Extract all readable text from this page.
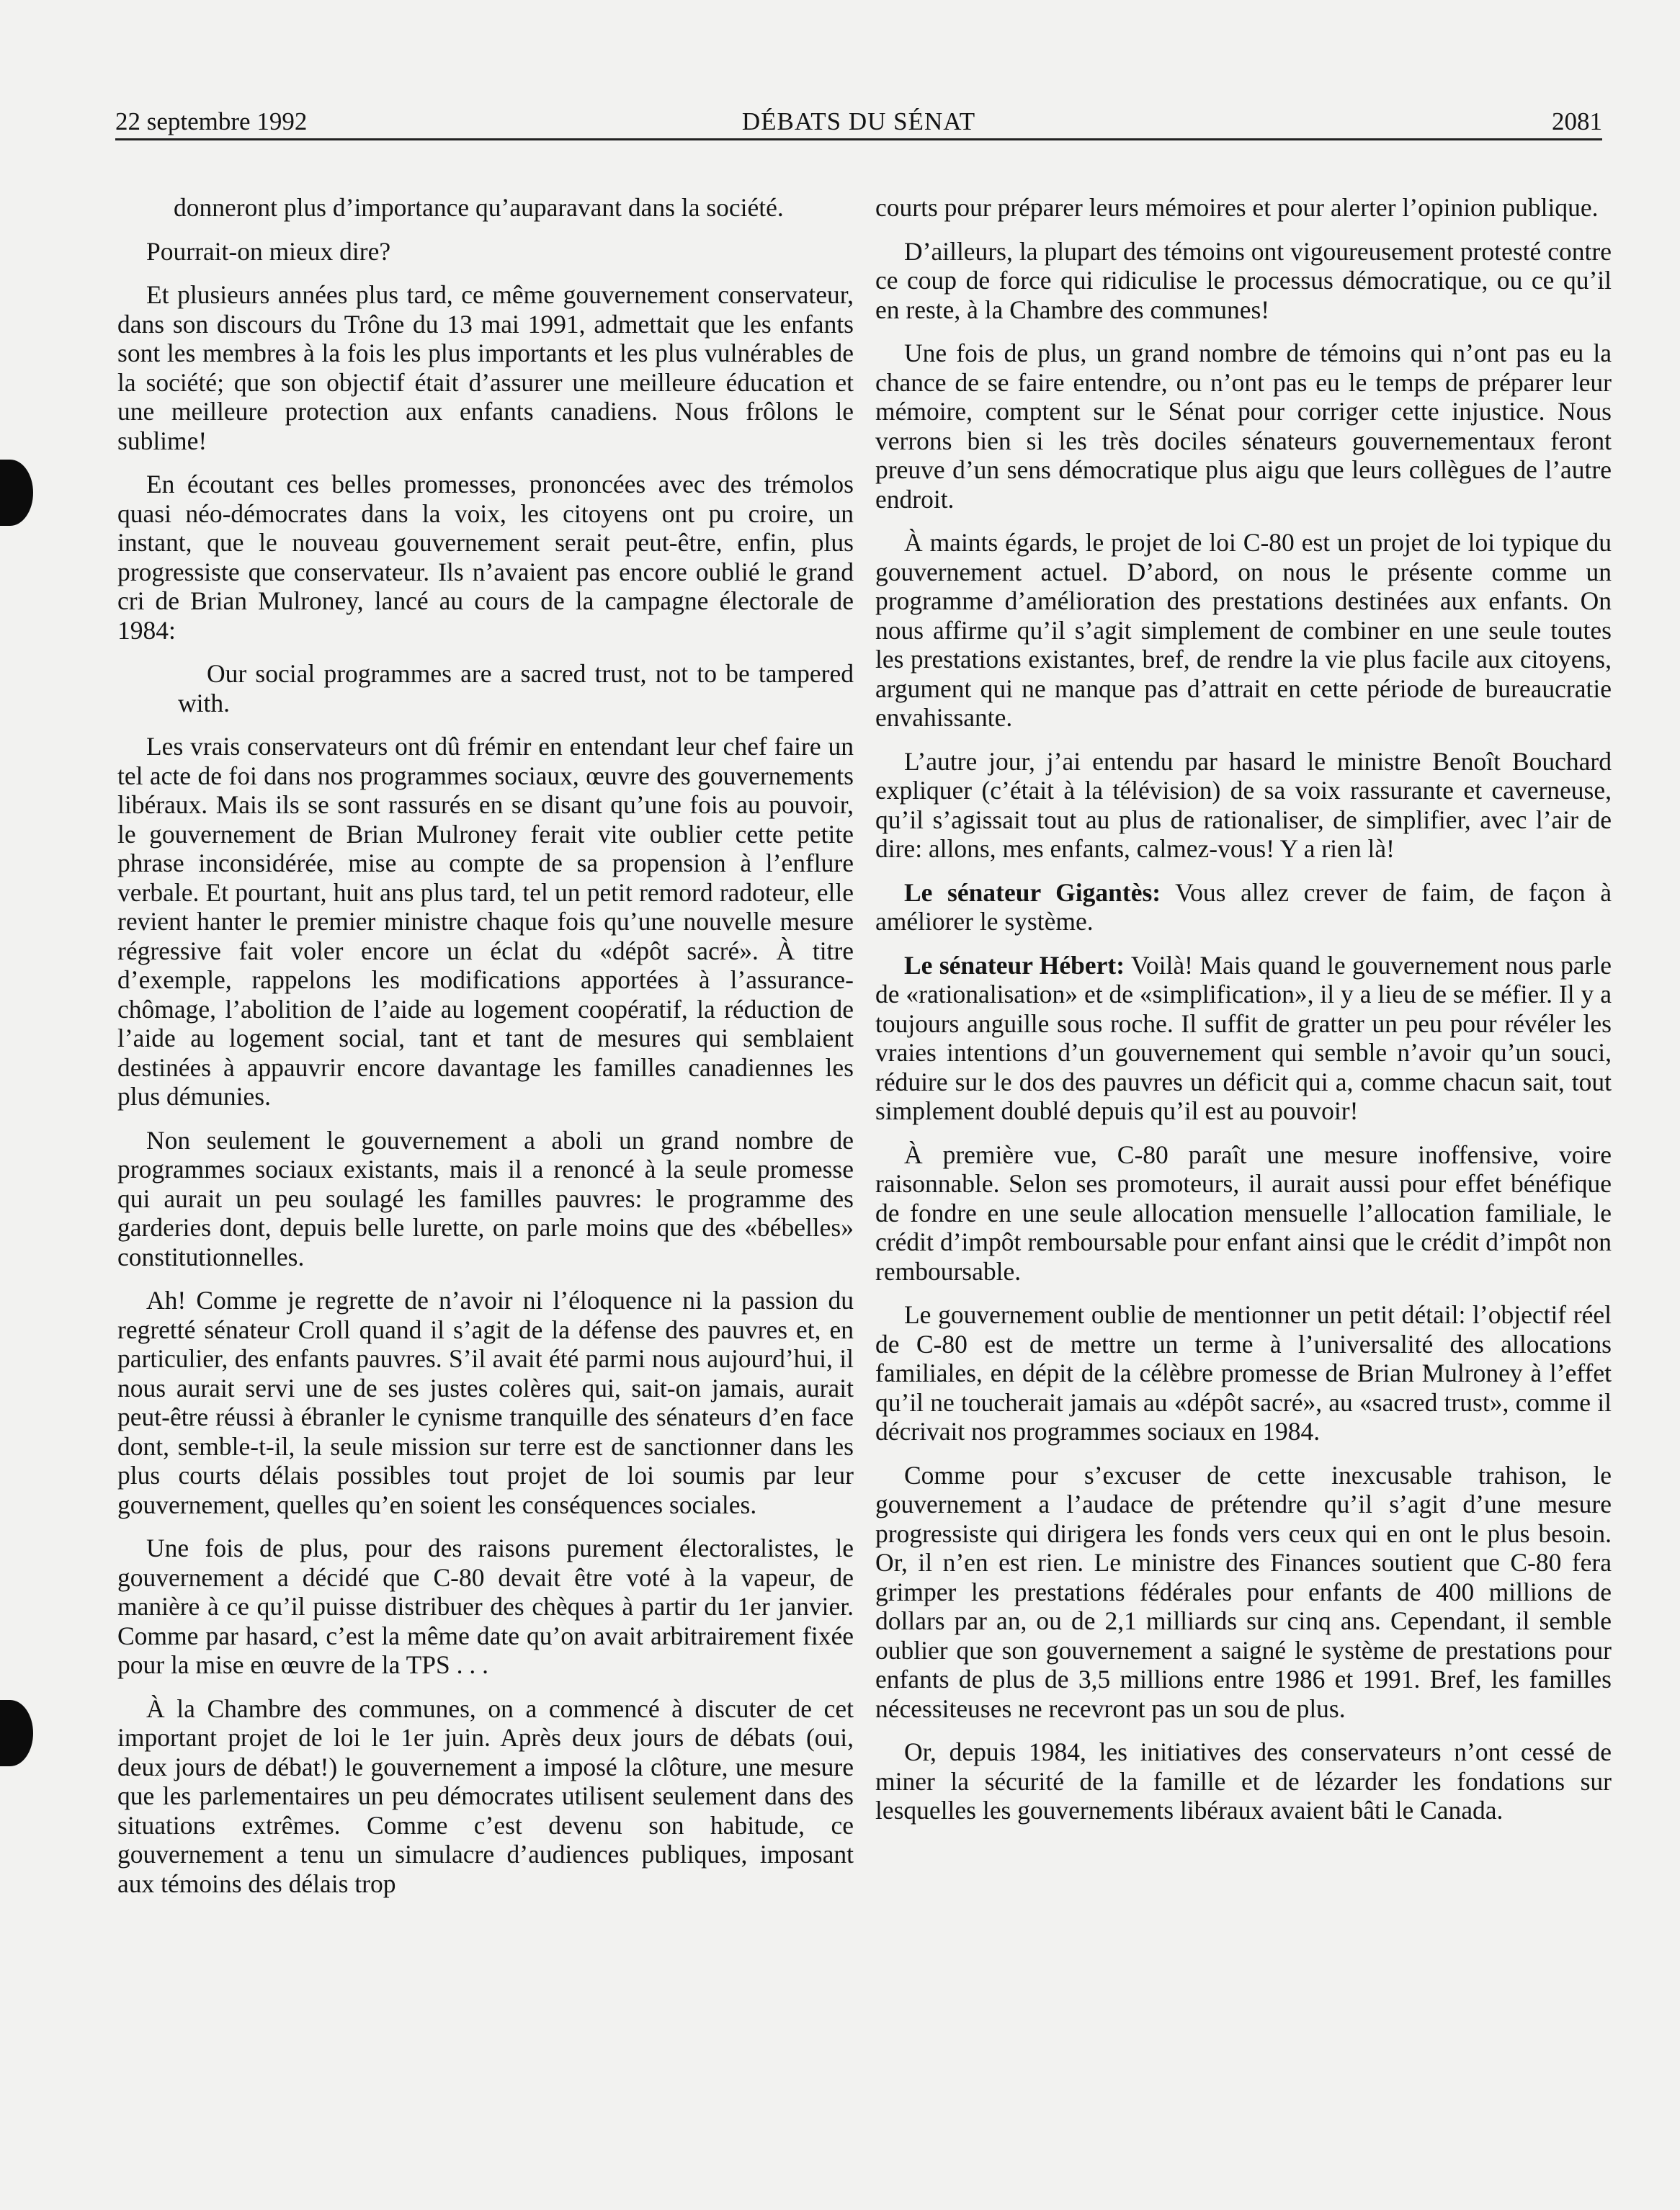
22 septembre 1992	DÉBATS DU SÉNAT	2081

donneront plus d’importance qu’auparavant dans la société.

Pourrait-on mieux dire?

Et plusieurs années plus tard, ce même gouvernement conservateur, dans son discours du Trône du 13 mai 1991, admettait que les enfants sont les membres à la fois les plus importants et les plus vulnérables de la société; que son objectif était d’assurer une meilleure éducation et une meilleure protection aux enfants canadiens. Nous frôlons le sublime!

En écoutant ces belles promesses, prononcées avec des trémolos quasi néo-démocrates dans la voix, les citoyens ont pu croire, un instant, que le nouveau gouvernement serait peut-être, enfin, plus progressiste que conservateur. Ils n’avaient pas encore oublié le grand cri de Brian Mulroney, lancé au cours de la campagne électorale de 1984:

Our social programmes are a sacred trust, not to be tampered with.

Les vrais conservateurs ont dû frémir en entendant leur chef faire un tel acte de foi dans nos programmes sociaux, œuvre des gouvernements libéraux. Mais ils se sont rassurés en se disant qu’une fois au pouvoir, le gouvernement de Brian Mulroney ferait vite oublier cette petite phrase inconsidérée, mise au compte de sa propension à l’enflure verbale. Et pourtant, huit ans plus tard, tel un petit remord radoteur, elle revient hanter le premier ministre chaque fois qu’une nouvelle mesure régressive fait voler encore un éclat du «dépôt sacré». À titre d’exemple, rappelons les modifications apportées à l’assurance-chômage, l’abolition de l’aide au logement coopératif, la réduction de l’aide au logement social, tant et tant de mesures qui semblaient destinées à appauvrir encore davantage les familles canadiennes les plus démunies.

Non seulement le gouvernement a aboli un grand nombre de programmes sociaux existants, mais il a renoncé à la seule promesse qui aurait un peu soulagé les familles pauvres: le programme des garderies dont, depuis belle lurette, on parle moins que des «bébelles» constitutionnelles.

Ah! Comme je regrette de n’avoir ni l’éloquence ni la passion du regretté sénateur Croll quand il s’agit de la défense des pauvres et, en particulier, des enfants pauvres. S’il avait été parmi nous aujourd’hui, il nous aurait servi une de ses justes colères qui, sait-on jamais, aurait peut-être réussi à ébranler le cynisme tranquille des sénateurs d’en face dont, semble-t-il, la seule mission sur terre est de sanctionner dans les plus courts délais possibles tout projet de loi soumis par leur gouvernement, quelles qu’en soient les conséquences sociales.

Une fois de plus, pour des raisons purement électoralistes, le gouvernement a décidé que C-80 devait être voté à la vapeur, de manière à ce qu’il puisse distribuer des chèques à partir du 1er janvier. Comme par hasard, c’est la même date qu’on avait arbitrairement fixée pour la mise en œuvre de la TPS . . .

À la Chambre des communes, on a commencé à discuter de cet important projet de loi le 1er juin. Après deux jours de débats (oui, deux jours de débat!) le gouvernement a imposé la clôture, une mesure que les parlementaires un peu démocrates utilisent seulement dans des situations extrêmes. Comme c’est devenu son habitude, ce gouvernement a tenu un simulacre d’audiences publiques, imposant aux témoins des délais trop

courts pour préparer leurs mémoires et pour alerter l’opinion publique.

D’ailleurs, la plupart des témoins ont vigoureusement protesté contre ce coup de force qui ridiculise le processus démocratique, ou ce qu’il en reste, à la Chambre des communes!

Une fois de plus, un grand nombre de témoins qui n’ont pas eu la chance de se faire entendre, ou n’ont pas eu le temps de préparer leur mémoire, comptent sur le Sénat pour corriger cette injustice. Nous verrons bien si les très dociles sénateurs gouvernementaux feront preuve d’un sens démocratique plus aigu que leurs collègues de l’autre endroit.

À maints égards, le projet de loi C-80 est un projet de loi typique du gouvernement actuel. D’abord, on nous le présente comme un programme d’amélioration des prestations destinées aux enfants. On nous affirme qu’il s’agit simplement de combiner en une seule toutes les prestations existantes, bref, de rendre la vie plus facile aux citoyens, argument qui ne manque pas d’attrait en cette période de bureaucratie envahissante.

L’autre jour, j’ai entendu par hasard le ministre Benoît Bouchard expliquer (c’était à la télévision) de sa voix rassurante et caverneuse, qu’il s’agissait tout au plus de rationaliser, de simplifier, avec l’air de dire: allons, mes enfants, calmez-vous! Y a rien là!

Le sénateur Gigantès: Vous allez crever de faim, de façon à améliorer le système.

Le sénateur Hébert: Voilà! Mais quand le gouvernement nous parle de «rationalisation» et de «simplification», il y a lieu de se méfier. Il y a toujours anguille sous roche. Il suffit de gratter un peu pour révéler les vraies intentions d’un gouvernement qui semble n’avoir qu’un souci, réduire sur le dos des pauvres un déficit qui a, comme chacun sait, tout simplement doublé depuis qu’il est au pouvoir!

À première vue, C-80 paraît une mesure inoffensive, voire raisonnable. Selon ses promoteurs, il aurait aussi pour effet bénéfique de fondre en une seule allocation mensuelle l’allocation familiale, le crédit d’impôt remboursable pour enfant ainsi que le crédit d’impôt non remboursable.

Le gouvernement oublie de mentionner un petit détail: l’objectif réel de C-80 est de mettre un terme à l’universalité des allocations familiales, en dépit de la célèbre promesse de Brian Mulroney à l’effet qu’il ne toucherait jamais au «dépôt sacré», au «sacred trust», comme il décrivait nos programmes sociaux en 1984.

Comme pour s’excuser de cette inexcusable trahison, le gouvernement a l’audace de prétendre qu’il s’agit d’une mesure progressiste qui dirigera les fonds vers ceux qui en ont le plus besoin. Or, il n’en est rien. Le ministre des Finances soutient que C-80 fera grimper les prestations fédérales pour enfants de 400 millions de dollars par an, ou de 2,1 milliards sur cinq ans. Cependant, il semble oublier que son gouvernement a saigné le système de prestations pour enfants de plus de 3,5 millions entre 1986 et 1991. Bref, les familles nécessiteuses ne recevront pas un sou de plus.

Or, depuis 1984, les initiatives des conservateurs n’ont cessé de miner la sécurité de la famille et de lézarder les fondations sur lesquelles les gouvernements libéraux avaient bâti le Canada.
